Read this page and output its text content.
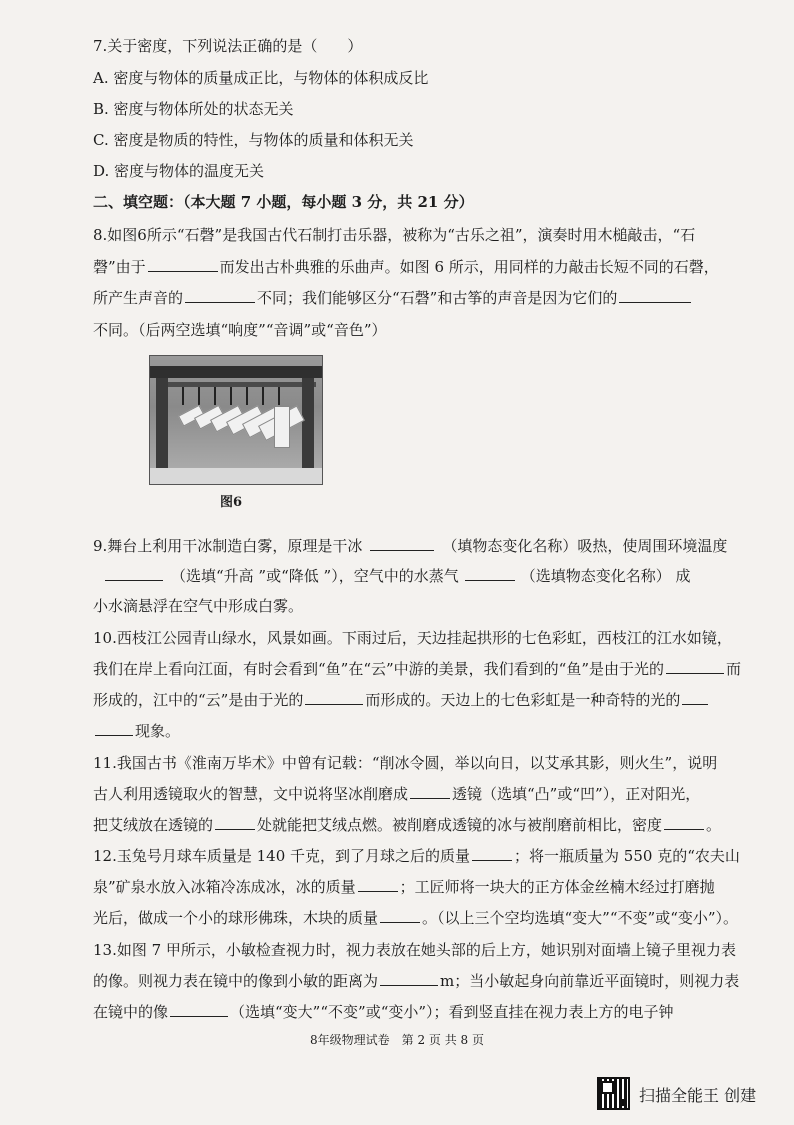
7.关于密度，下列说法正确的是（　　）
A. 密度与物体的质量成正比，与物体的体积成反比
B. 密度与物体所处的状态无关
C. 密度是物质的特性，与物体的质量和体积无关
D. 密度与物体的温度无关
二、填空题：（本大题 7 小题，每小题 3 分，共 21 分）
8.如图6所示“石磬”是我国古代石制打击乐器，被称为“古乐之祖”，演奏时用木槌敲击，“石
磬”由于	而发出古朴典雅的乐曲声。如图 6 所示，用同样的力敲击长短不同的石磬，
所产生声音的	不同；我们能够区分“石磬”和古筝的声音是因为它们的
不同。（后两空选填“响度”“音调”或“音色”）
图6
9.舞台上利用干冰制造白雾，原理是干冰	（填物态变化名称）吸热，使周围环境温度
（选填“升高 ”或“降低 ”），空气中的水蒸气	（选填物态变化名称） 成
小水滴悬浮在空气中形成白雾。
10.西枝江公园青山绿水，风景如画。下雨过后，天边挂起拱形的七色彩虹，西枝江的江水如镜，
我们在岸上看向江面，有时会看到“鱼”在“云”中游的美景，我们看到的“鱼”是由于光的	而
形成的，江中的“云”是由于光的	而形成的。天边上的七色彩虹是一种奇特的光的
现象。
11.我国古书《淮南万毕术》中曾有记载：“削冰令圆，举以向日，以艾承其影，则火生”，说明
古人利用透镜取火的智慧，文中说将坚冰削磨成	透镜（选填“凸”或“凹”），正对阳光，
把艾绒放在透镜的	处就能把艾绒点燃。被削磨成透镜的冰与被削磨前相比，密度	。
12.玉兔号月球车质量是 140 千克，到了月球之后的质量	；将一瓶质量为 550 克的“农夫山
泉”矿泉水放入冰箱冷冻成冰，冰的质量	；工匠师将一块大的正方体金丝楠木经过打磨抛
光后，做成一个小的球形佛珠，木块的质量	。（以上三个空均选填“变大”“不变”或“变小”）。
13.如图 7 甲所示，小敏检查视力时，视力表放在她头部的后上方，她识别对面墙上镜子里视力表
的像。则视力表在镜中的像到小敏的距离为	m；当小敏起身向前靠近平面镜时，则视力表
在镜中的像	（选填“变大”“不变”或“变小”）；看到竖直挂在视力表上方的电子钟
8年级物理试卷　第 2 页 共 8 页
扫描全能王 创建
